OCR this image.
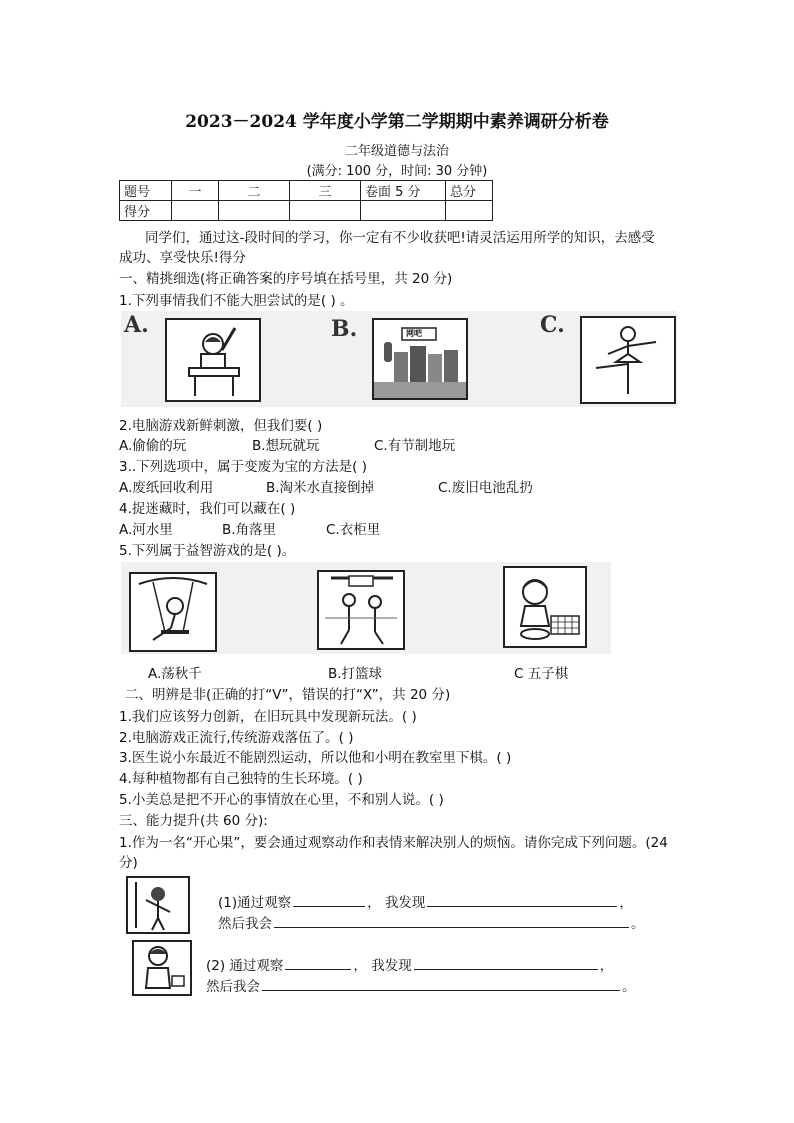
2023－2024 学年度小学第二学期期中素养调研分析卷
二年级道德与法治
(满分: 100 分，时间: 30 分钟)
题号	一	二	三	卷面 5 分	总分
得分					
同学们，通过这-段时间的学习，你一定有不少收获吧!请灵活运用所学的知识，去感受
成功、享受快乐!得分
一、精挑细选(将正确答案的序号填在括号里，共 20 分)
1.下列事情我们不能大胆尝试的是( ) 。
A.	B.	C.
网吧
2.电脑游戏新鲜刺激，但我们要( )
A.偷偷的玩	B.想玩就玩	C.有节制地玩
3..下列选项中，属于变废为宝的方法是( )
A.废纸回收利用	B.淘米水直接倒掉	C.废旧电池乱扔
4.捉迷藏时，我们可以藏在( )
A.河水里	B.角落里	C.衣柜里
5.下列属于益智游戏的是( )。
A.荡秋千	B.打篮球	C 五子棋
二、明辨是非(正确的打“V”，错误的打“X”，共 20 分)
1.我们应该努力创新，在旧玩具中发现新玩法。( )
2.电脑游戏正流行,传统游戏落伍了。( )
3.医生说小东最近不能剧烈运动，所以他和小明在教室里下棋。( )
4.每种植物都有自己独特的生长环境。( )
5.小美总是把不开心的事情放在心里，不和别人说。( )
三、能力提升(共 60 分):
1.作为一名“开心果”，要会通过观察动作和表情来解决别人的烦恼。请你完成下列问题。(24
分)
(1)通过观察	， 我发现	，
然后我会	。
(2) 通过观察	， 我发现	，
然后我会	。
